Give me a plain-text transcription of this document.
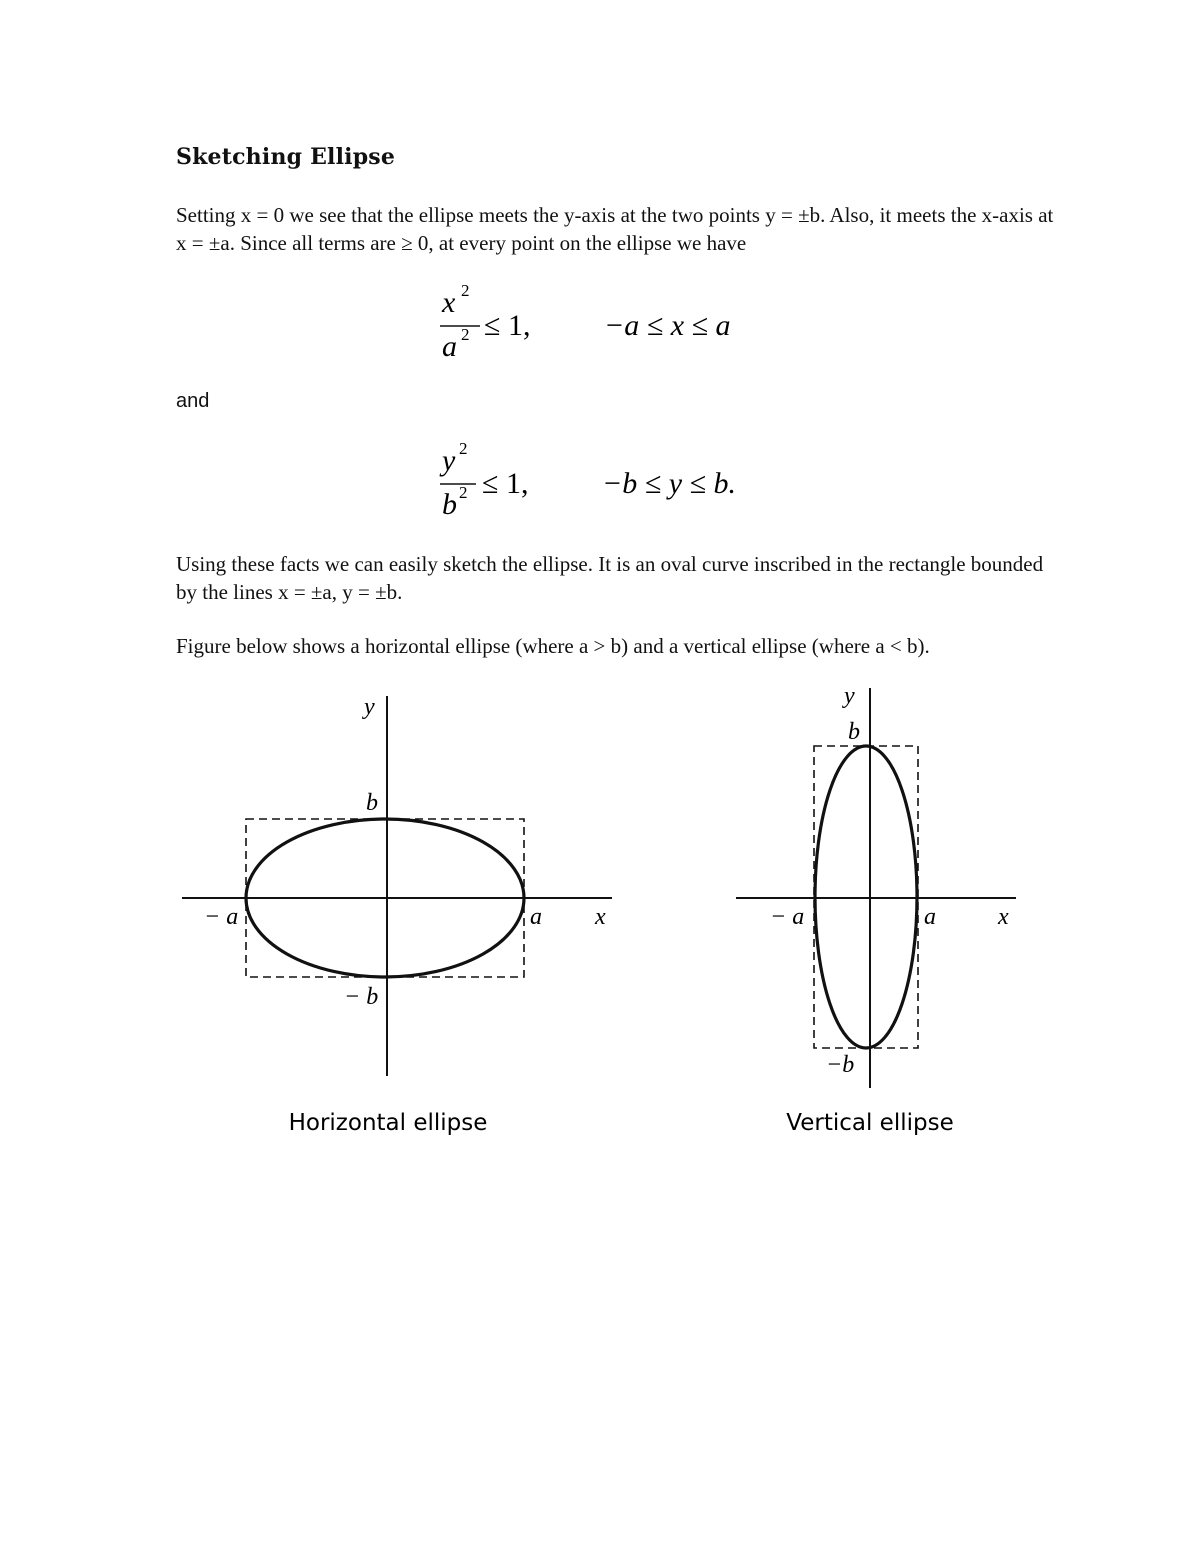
Sketching Ellipse

Setting x = 0 we see that the ellipse meets the y-axis at the two points y = ±b. Also, it meets the x-axis at x = ±a. Since all terms are ≥ 0, at every point on the ellipse we have

x 2
a 2 ≤ 1, −a ≤ x ≤ a

and

y 2
b 2 ≤ 1, −b ≤ y ≤ b.

Using these facts we can easily sketch the ellipse. It is an oval curve inscribed in the rectangle bounded by the lines x = ±a, y = ±b.

Figure below shows a horizontal ellipse (where a > b) and a vertical ellipse (where a < b).

y
x
b
− b
− a	a
Horizontal ellipse
y
x
b
−b
− a	a
Vertical ellipse
